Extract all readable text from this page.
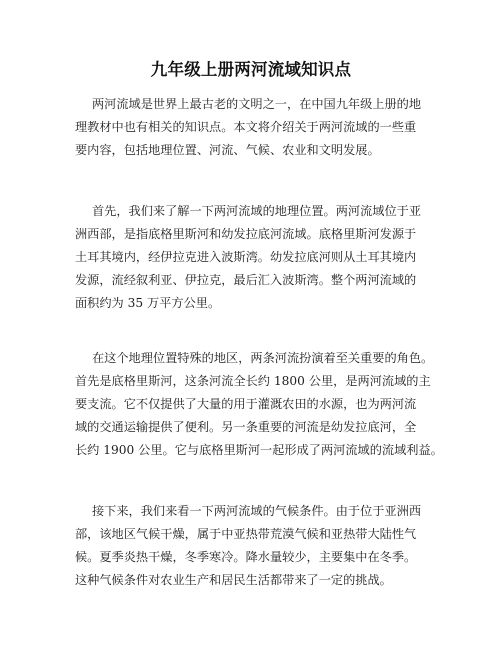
九年级上册两河流域知识点
两河流域是世界上最古老的文明之一，在中国九年级上册的地
理教材中也有相关的知识点。本文将介绍关于两河流域的一些重
要内容，包括地理位置、河流、气候、农业和文明发展。
首先，我们来了解一下两河流域的地理位置。两河流域位于亚
洲西部，是指底格里斯河和幼发拉底河流域。底格里斯河发源于
土耳其境内，经伊拉克进入波斯湾。幼发拉底河则从土耳其境内
发源，流经叙利亚、伊拉克，最后汇入波斯湾。整个两河流域的
面积约为 35 万平方公里。
在这个地理位置特殊的地区，两条河流扮演着至关重要的角色。
首先是底格里斯河，这条河流全长约 1800 公里，是两河流域的主
要支流。它不仅提供了大量的用于灌溉农田的水源，也为两河流
域的交通运输提供了便利。另一条重要的河流是幼发拉底河，全
长约 1900 公里。它与底格里斯河一起形成了两河流域的流域利益。
接下来，我们来看一下两河流域的气候条件。由于位于亚洲西
部，该地区气候干燥，属于中亚热带荒漠气候和亚热带大陆性气
候。夏季炎热干燥，冬季寒冷。降水量较少，主要集中在冬季。
这种气候条件对农业生产和居民生活都带来了一定的挑战。
